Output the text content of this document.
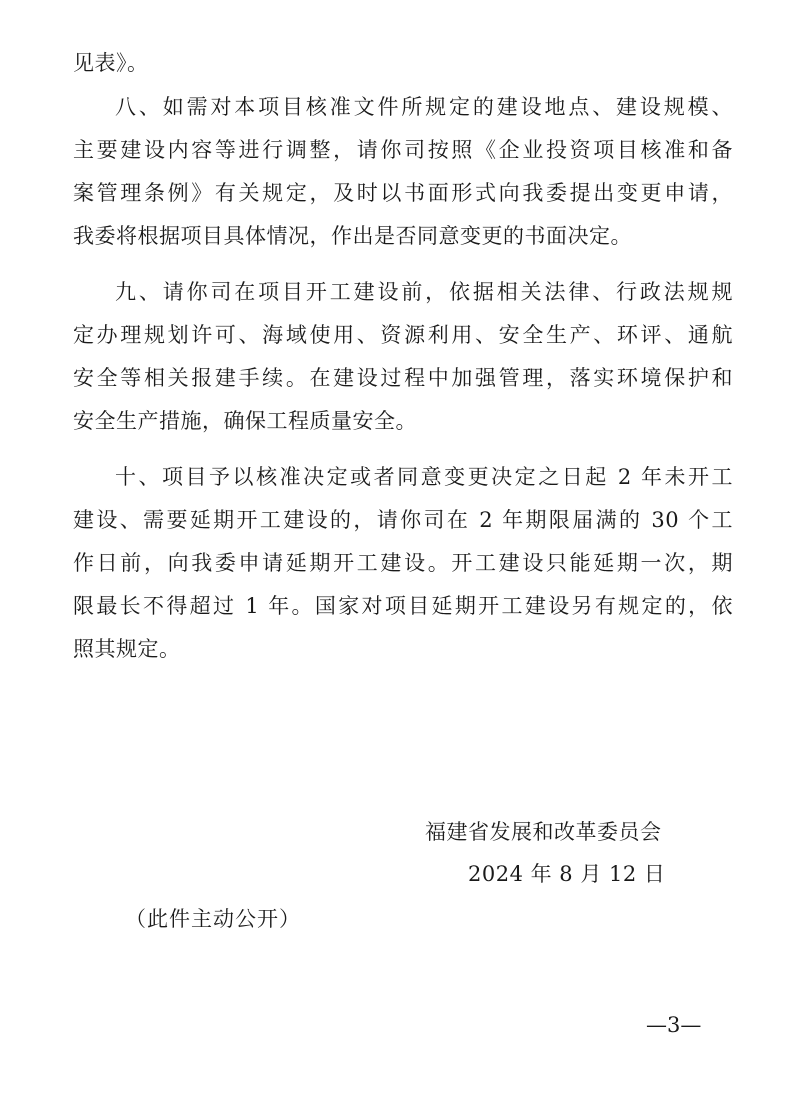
见表》。
八、如需对本项目核准文件所规定的建设地点、建设规模、
主要建设内容等进行调整，请你司按照《企业投资项目核准和备
案管理条例》有关规定，及时以书面形式向我委提出变更申请，
我委将根据项目具体情况，作出是否同意变更的书面决定。
九、请你司在项目开工建设前，依据相关法律、行政法规规
定办理规划许可、海域使用、资源利用、安全生产、环评、通航
安全等相关报建手续。在建设过程中加强管理，落实环境保护和
安全生产措施，确保工程质量安全。
十、项目予以核准决定或者同意变更决定之日起 2 年未开工
建设、需要延期开工建设的，请你司在 2 年期限届满的 30 个工
作日前，向我委申请延期开工建设。开工建设只能延期一次，期
限最长不得超过 1 年。国家对项目延期开工建设另有规定的，依
照其规定。
福建省发展和改革委员会
2024 年 8 月 12 日
（此件主动公开）
—3—
